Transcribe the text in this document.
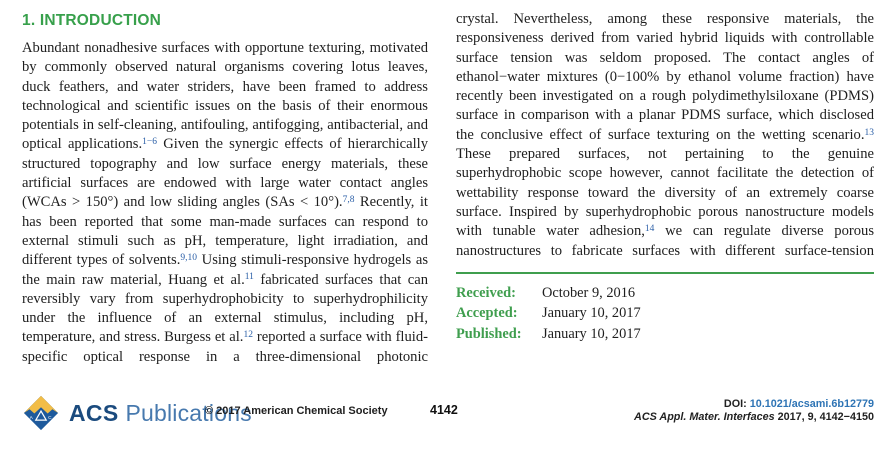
1. INTRODUCTION

Abundant nonadhesive surfaces with opportune texturing, motivated by commonly observed natural organisms covering lotus leaves, duck feathers, and water striders, have been framed to address technological and scientific issues on the basis of their enormous potentials in self-cleaning, antifouling, antifogging, antibacterial, and optical applications.$^{1-6}$ Given the synergic effects of hierarchically structured topography and low surface energy materials, these artificial surfaces are endowed with large water contact angles (WCAs > 150°) and low sliding angles (SAs < 10°).$^{7,8}$ Recently, it has been reported that some man-made surfaces can respond to external stimuli such as pH, temperature, light irradiation, and different types of solvents.$^{9,10}$ Using stimuli-responsive hydrogels as the main raw material, Huang et al.$^{11}$ fabricated surfaces that can reversibly vary from superhydrophobicity to superhydrophilicity under the influence of an external stimulus, including pH, temperature, and stress. Burgess et al.$^{12}$ reported a surface with fluid-specific optical response in a three-dimensional photonic

crystal. Nevertheless, among these responsive materials, the responsiveness derived from varied hybrid liquids with controllable surface tension was seldom proposed. The contact angles of ethanol−water mixtures (0−100% by ethanol volume fraction) have recently been investigated on a rough polydimethylsiloxane (PDMS) surface in comparison with a planar PDMS surface, which disclosed the conclusive effect of surface texturing on the wetting scenario.$^{13}$ These prepared surfaces, not pertaining to the genuine superhydrophobic scope however, cannot facilitate the detection of wettability response toward the diversity of an extremely coarse surface. Inspired by superhydrophobic porous nanostructure models with tunable water adhesion,$^{14}$ we can regulate diverse porous nanostructures to fabricate surfaces with different surface-tension

Received:	October 9, 2016
Accepted:	January 10, 2017
Published:	January 10, 2017
A	C ACS Publications
© 2017 American Chemical Society	4142	DOI: 10.1021/acsami.6b12779
ACS Appl. Mater. Interfaces 2017, 9, 4142−4150
